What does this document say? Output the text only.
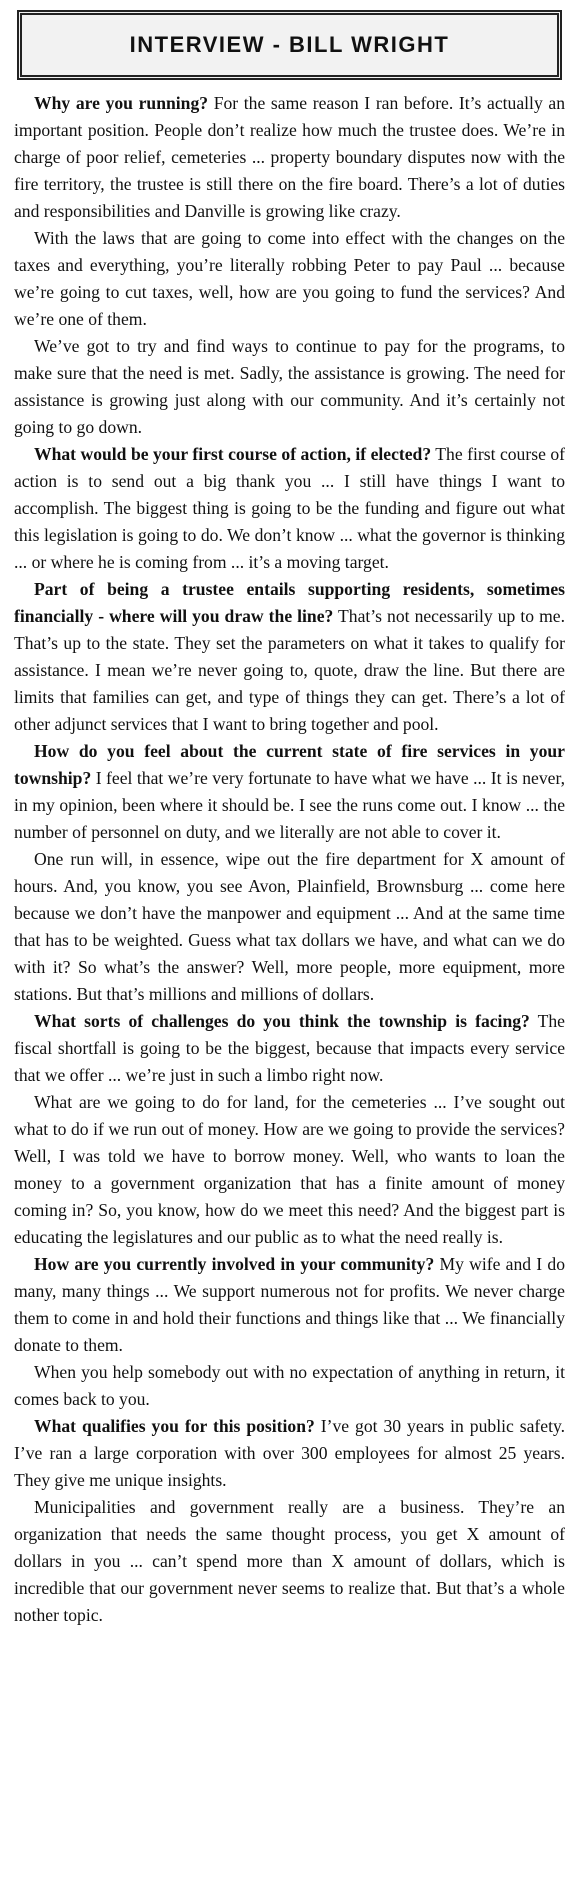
INTERVIEW - BILL WRIGHT

Why are you running? For the same reason I ran before. It’s actually an important position. People don’t realize how much the trustee does. We’re in charge of poor relief, cemeteries ... property boundary disputes now with the fire territory, the trustee is still there on the fire board. There’s a lot of duties and responsibilities and Danville is growing like crazy.

With the laws that are going to come into effect with the changes on the taxes and everything, you’re literally robbing Peter to pay Paul ... because we’re going to cut taxes, well, how are you going to fund the services? And we’re one of them.

We’ve got to try and find ways to continue to pay for the programs, to make sure that the need is met. Sadly, the assistance is growing. The need for assistance is growing just along with our community. And it’s certainly not going to go down.

What would be your first course of action, if elected? The first course of action is to send out a big thank you ... I still have things I want to accomplish. The biggest thing is going to be the funding and figure out what this legislation is going to do. We don’t know ... what the governor is thinking ... or where he is coming from ... it’s a moving target.

Part of being a trustee entails supporting residents, sometimes financially - where will you draw the line? That’s not necessarily up to me. That’s up to the state. They set the parameters on what it takes to qualify for assistance. I mean we’re never going to, quote, draw the line. But there are limits that families can get, and type of things they can get. There’s a lot of other adjunct services that I want to bring together and pool.

How do you feel about the current state of fire services in your township? I feel that we’re very fortunate to have what we have ... It is never, in my opinion, been where it should be. I see the runs come out. I know ... the number of personnel on duty, and we literally are not able to cover it.

One run will, in essence, wipe out the fire department for X amount of hours. And, you know, you see Avon, Plainfield, Brownsburg ... come here because we don’t have the manpower and equipment ... And at the same time that has to be weighted. Guess what tax dollars we have, and what can we do with it? So what’s the answer? Well, more people, more equipment, more stations. But that’s millions and millions of dollars.

What sorts of challenges do you think the township is facing? The fiscal shortfall is going to be the biggest, because that impacts every service that we offer ... we’re just in such a limbo right now.

What are we going to do for land, for the cemeteries ... I’ve sought out what to do if we run out of money. How are we going to provide the services? Well, I was told we have to borrow money. Well, who wants to loan the money to a government organization that has a finite amount of money coming in? So, you know, how do we meet this need? And the biggest part is educating the legislatures and our public as to what the need really is.

How are you currently involved in your community? My wife and I do many, many things ... We support numerous not for profits. We never charge them to come in and hold their functions and things like that ... We financially donate to them.

When you help somebody out with no expectation of anything in return, it comes back to you.

What qualifies you for this position? I’ve got 30 years in public safety. I’ve ran a large corporation with over 300 employees for almost 25 years. They give me unique insights.

Municipalities and government really are a business. They’re an organization that needs the same thought process, you get X amount of dollars in you ... can’t spend more than X amount of dollars, which is incredible that our government never seems to realize that. But that’s a whole nother topic.
